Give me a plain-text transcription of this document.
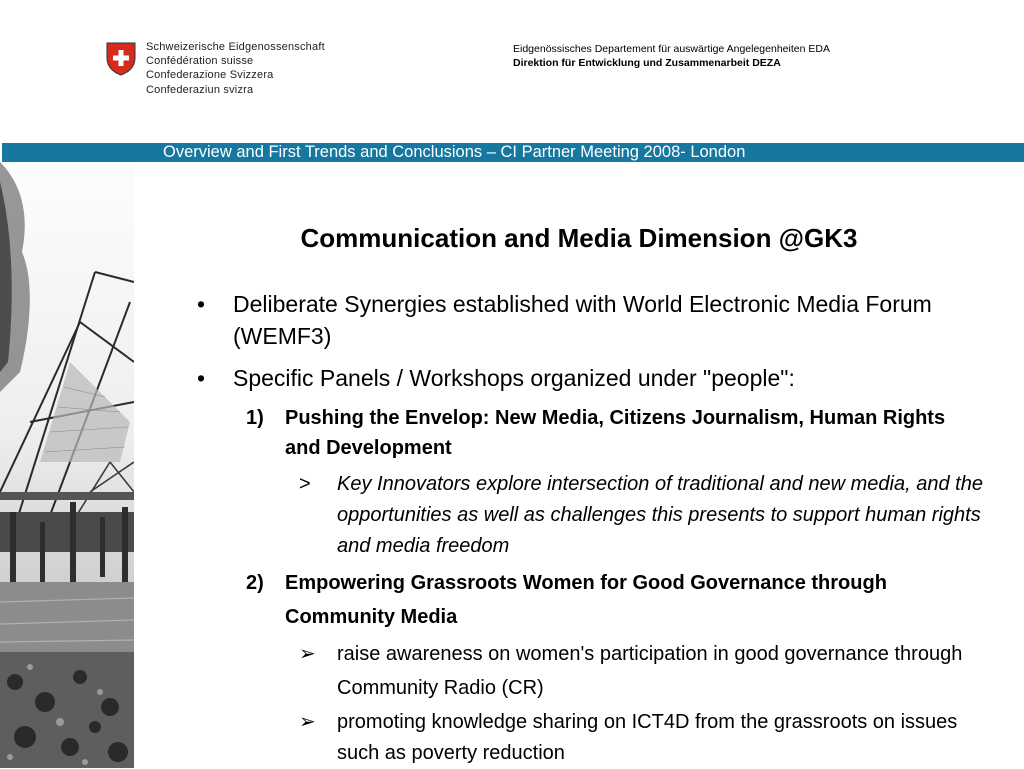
Schweizerische Eidgenossenschaft
Confédération suisse
Confederazione Svizzera
Confederaziun svizra
Eidgenössisches Departement für auswärtige Angelegenheiten EDA
Direktion für Entwicklung und Zusammenarbeit DEZA
Overview and First Trends and Conclusions – CI Partner Meeting 2008- London
Communication and Media Dimension @GK3
• Deliberate Synergies established with World Electronic Media Forum (WEMF3)
• Specific Panels / Workshops organized under "people":
1) Pushing the Envelop: New Media, Citizens Journalism, Human Rights and Development
> Key Innovators explore intersection of traditional and new media, and the opportunities as well as challenges this presents to support human rights and media freedom
2) Empowering Grassroots Women for Good Governance through Community Media
➢ raise awareness on women's participation in good governance through Community Radio (CR)
➢ promoting knowledge sharing on ICT4D from the grassroots on issues such as poverty reduction
